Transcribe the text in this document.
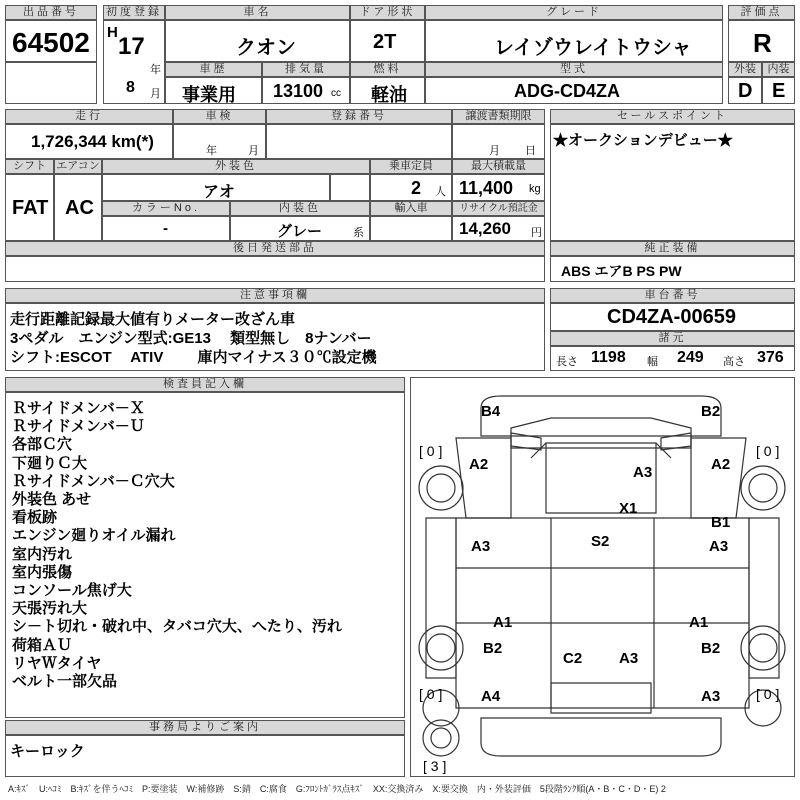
出品番号
64502
初度登録
H
17
年
8 月
車名
クオン
ドア形状
2T
グレード
レイゾウレイトウシャ
評価点
R
車歴
事業用
排気量
13100 cc
燃料
軽油
型式
ADG-CD4ZA
外装	内装
D E
走行
1,726,344 km(*)
車検
年	月
登録番号	譲渡書類期限
月 日
セールスポイント
★オークションデビュー★
シフト エアコン
FAT AC
外装色
アオ
乗車定員
2 人
最大積載量
11,400 kg
カラーNo.
-
内装色
グレー	系
輸入車	リサイクル預託金
14,260 円
後日発送部品	純正装備
ABS エアB PS PW
注意事項欄
走行距離記録最大値有りメーター改ざん車
3ペダル　エンジン型式:GE13　 類型無し　8ナンバー
シフト:ESCOT　 ATIV　　 庫内マイナス３０℃設定機
車台番号
CD4ZA-00659
諸元
長さ 1198 幅 249 高さ 376
検査員記入欄
Ｒサイドメンバ－Ｘ
Ｒサイドメンバ－Ｕ
各部Ｃ穴
下廻りＣ大
Ｒサイドメンバ－Ｃ穴大
外装色 あせ
看板跡
エンジン廻りオイル漏れ
室内汚れ
室内張傷
コンソール焦げ大
天張汚れ大
シ－ト切れ・破れ中、タバコ穴大、へたり、汚れ
荷箱ＡＵ
リヤＷタイヤ
ベルト一部欠品
事務局よりご案内
キーロック
B4	B2
A2	A3	A2
X1
B1
A3	S2	A3
A1	A1
B2
C2 A3
B2
A4	A3
[ 0 ]	[ 0 ]
[ 0 ]	[ 0 ]
[ 3 ]
A:ｷｽﾞ　U:ﾍｺﾐ　B:ｷｽﾞを伴うﾍｺﾐ　P:要塗装　W:補修跡　S:錆　C:腐食　G:ﾌﾛﾝﾄｶﾞﾗｽ点ｷｽﾞ　XX:交換済み　X:要交換　内・外装評価　5段階ﾗﾝｸ順(A・B・C・D・E) 2
